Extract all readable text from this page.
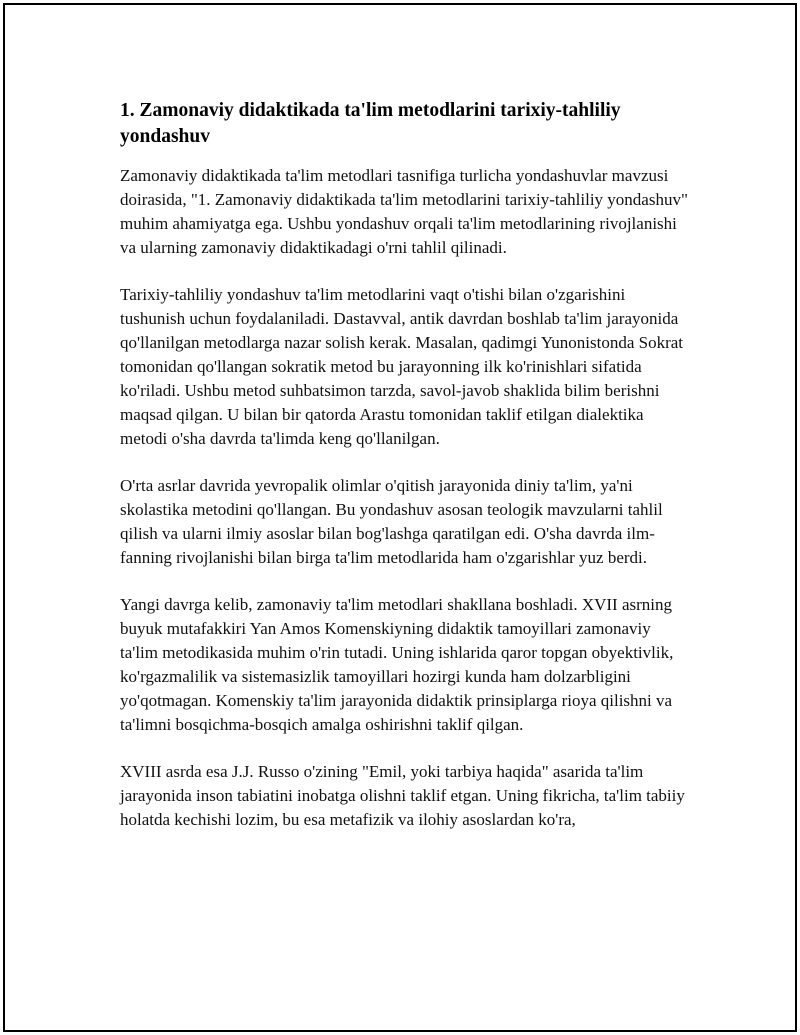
1. Zamonaviy didaktikada ta'lim metodlarini tarixiy-tahliliy yondashuv

Zamonaviy didaktikada ta'lim metodlari tasnifiga turlicha yondashuvlar mavzusi doirasida, "1. Zamonaviy didaktikada ta'lim metodlarini tarixiy-tahliliy yondashuv" muhim ahamiyatga ega. Ushbu yondashuv orqali ta'lim metodlarining rivojlanishi va ularning zamonaviy didaktikadagi o'rni tahlil qilinadi.

Tarixiy-tahliliy yondashuv ta'lim metodlarini vaqt o'tishi bilan o'zgarishini tushunish uchun foydalaniladi. Dastavval, antik davrdan boshlab ta'lim jarayonida qo'llanilgan metodlarga nazar solish kerak. Masalan, qadimgi Yunonistonda Sokrat tomonidan qo'llangan sokratik metod bu jarayonning ilk ko'rinishlari sifatida ko'riladi. Ushbu metod suhbatsimon tarzda, savol-javob shaklida bilim berishni maqsad qilgan. U bilan bir qatorda Arastu tomonidan taklif etilgan dialektika metodi o'sha davrda ta'limda keng qo'llanilgan.

O'rta asrlar davrida yevropalik olimlar o'qitish jarayonida diniy ta'lim, ya'ni skolastika metodini qo'llangan. Bu yondashuv asosan teologik mavzularni tahlil qilish va ularni ilmiy asoslar bilan bog'lashga qaratilgan edi. O'sha davrda ilm-fanning rivojlanishi bilan birga ta'lim metodlarida ham o'zgarishlar yuz berdi.

Yangi davrga kelib, zamonaviy ta'lim metodlari shakllana boshladi. XVII asrning buyuk mutafakkiri Yan Amos Komenskiyning didaktik tamoyillari zamonaviy ta'lim metodikasida muhim o'rin tutadi. Uning ishlarida qaror topgan obyektivlik, ko'rgazmalilik va sistemasizlik tamoyillari hozirgi kunda ham dolzarbligini yo'qotmagan. Komenskiy ta'lim jarayonida didaktik prinsiplarga rioya qilishni va ta'limni bosqichma-bosqich amalga oshirishni taklif qilgan.

XVIII asrda esa J.J. Russo o'zining "Emil, yoki tarbiya haqida" asarida ta'lim jarayonida inson tabiatini inobatga olishni taklif etgan. Uning fikricha, ta'lim tabiiy holatda kechishi lozim, bu esa metafizik va ilohiy asoslardan ko'ra,
